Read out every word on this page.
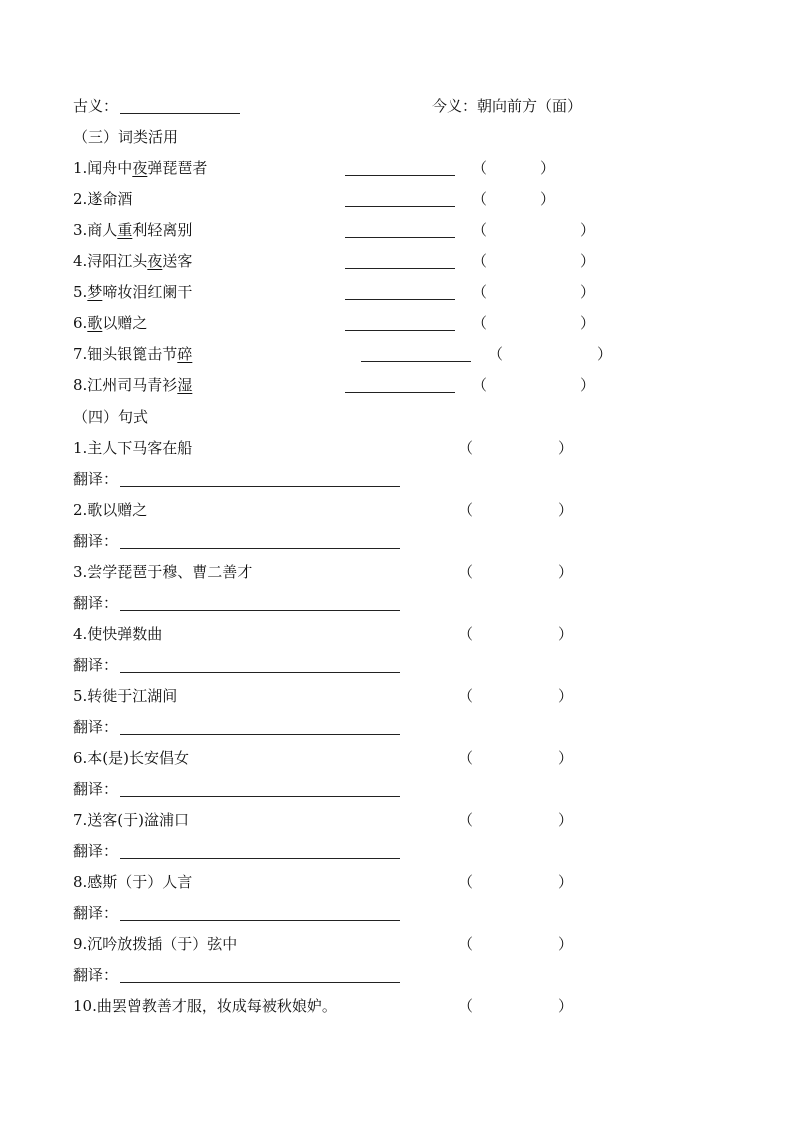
古义：	今义：朝向前方（面）
（三）词类活用
1.闻舟中夜弹琵琶者	（	）
2.遂命酒	（	）
3.商人重利轻离别	（	）
4.浔阳江头夜送客	（	）
5.梦啼妆泪红阑干	（	）
6.歌以赠之	（	）
7.钿头银篦击节碎	（	）
8.江州司马青衫湿	（	）
（四）句式
1.主人下马客在船	（	）
翻译：
2.歌以赠之	（	）
翻译：
3.尝学琵琶于穆、曹二善才	（	）
翻译：
4.使快弹数曲	（	）
翻译：
5.转徙于江湖间	（	）
翻译：
6.本(是)长安倡女	（	）
翻译：
7.送客(于)湓浦口	（	）
翻译：
8.感斯（于）人言	（	）
翻译：
9.沉吟放拨插（于）弦中	（	）
翻译：
10.曲罢曾教善才服，妆成每被秋娘妒。	（	）
